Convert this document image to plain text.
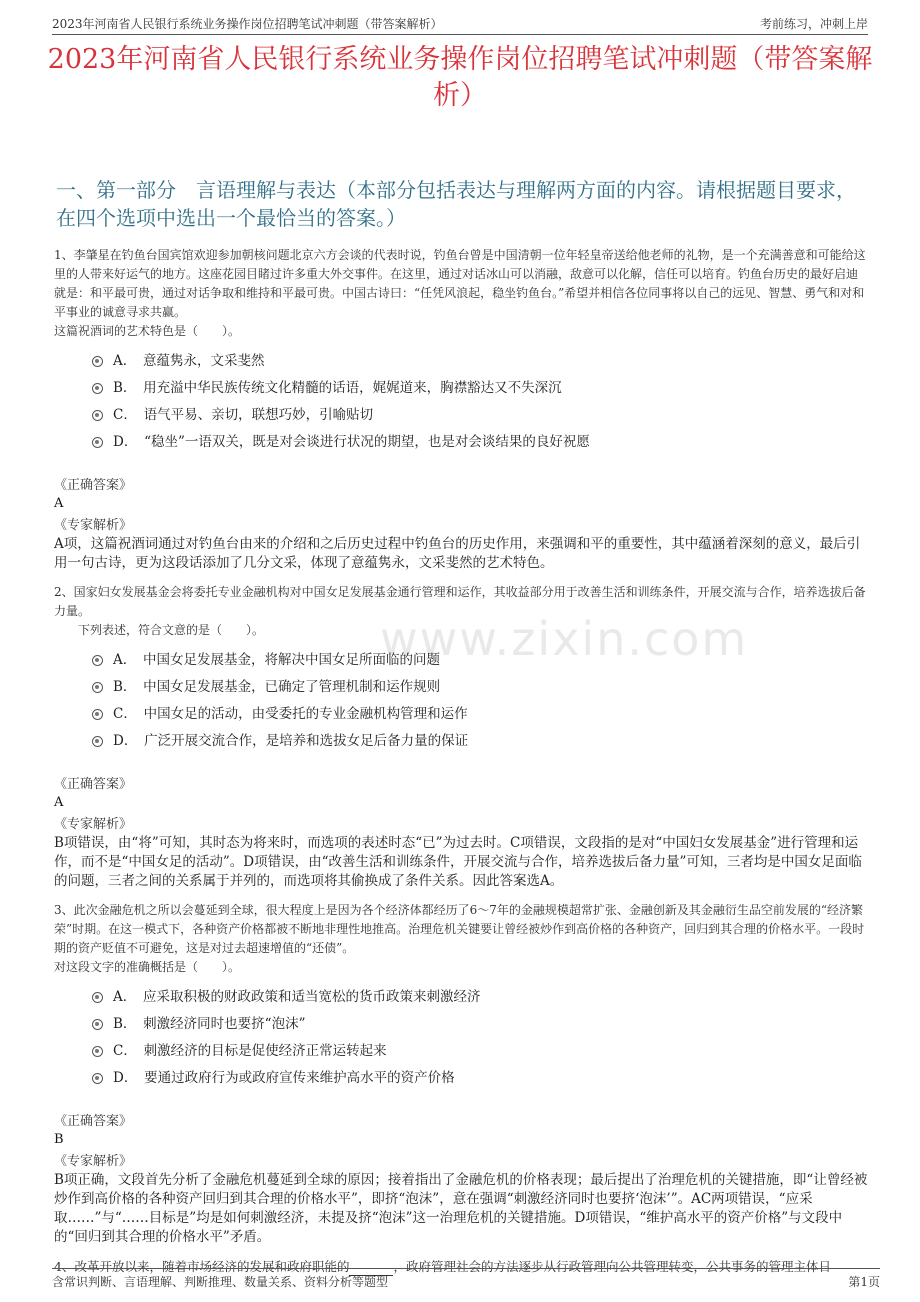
2023年河南省人民银行系统业务操作岗位招聘笔试冲刺题（带答案解析）	考前练习，冲刺上岸
2023年河南省人民银行系统业务操作岗位招聘笔试冲刺题（带答案解析）
一、第一部分　言语理解与表达（本部分包括表达与理解两方面的内容。请根据题目要求，在四个选项中选出一个最恰当的答案。）
www.zixin.com
1、李肇星在钓鱼台国宾馆欢迎参加朝核问题北京六方会谈的代表时说，钓鱼台曾是中国清朝一位年轻皇帝送给他老师的礼物，是一个充满善意和可能给这里的人带来好运气的地方。这座花园目睹过许多重大外交事件。在这里，通过对话冰山可以消融，敌意可以化解，信任可以培育。钓鱼台历史的最好启迪就是：和平最可贵，通过对话争取和维持和平最可贵。中国古诗曰：“任凭风浪起，稳坐钓鱼台。”希望并相信各位同事将以自己的远见、智慧、勇气和对和平事业的诚意寻求共赢。
这篇祝酒词的艺术特色是（　　）。
A．　意蕴隽永，文采斐然
B．　用充溢中华民族传统文化精髓的话语，娓娓道来，胸襟豁达又不失深沉
C．　语气平易、亲切，联想巧妙，引喻贴切
D．　“稳坐”一语双关，既是对会谈进行状况的期望，也是对会谈结果的良好祝愿
《正确答案》
A
《专家解析》
A项，这篇祝酒词通过对钓鱼台由来的介绍和之后历史过程中钓鱼台的历史作用，来强调和平的重要性，其中蕴涵着深刻的意义，最后引用一句古诗，更为这段话添加了几分文采，体现了意蕴隽永，文采斐然的艺术特色。
2、国家妇女发展基金会将委托专业金融机构对中国女足发展基金通行管理和运作，其收益部分用于改善生活和训练条件，开展交流与合作，培养选拔后备力量。
下列表述，符合文意的是（　　）。
A．　中国女足发展基金，将解决中国女足所面临的问题
B．　中国女足发展基金，已确定了管理机制和运作规则
C．　中国女足的活动，由受委托的专业金融机构管理和运作
D．　广泛开展交流合作，是培养和选拔女足后备力量的保证
《正确答案》
A
《专家解析》
B项错误，由“将”可知，其时态为将来时，而选项的表述时态“已”为过去时。C项错误，文段指的是对“中国妇女发展基金”进行管理和运作，而不是“中国女足的活动”。D项错误，由“改善生活和训练条件，开展交流与合作，培养选拔后备力量”可知，三者均是中国女足面临的问题，三者之间的关系属于并列的，而选项将其偷换成了条件关系。因此答案选A。
3、此次金融危机之所以会蔓延到全球，很大程度上是因为各个经济体都经历了6～7年的金融规模超常扩张、金融创新及其金融衍生品空前发展的“经济繁荣”时期。在这一模式下，各种资产价格都被不断地非理性地推高。治理危机关键要让曾经被炒作到高价格的各种资产，回归到其合理的价格水平。一段时期的资产贬值不可避免，这是对过去超速增值的“还债”。
对这段文字的准确概括是（　　）。
A．　应采取积极的财政政策和适当宽松的货币政策来刺激经济
B．　刺激经济同时也要挤“泡沫”
C．　刺激经济的目标是促使经济正常运转起来
D．　要通过政府行为或政府宣传来维护高水平的资产价格
《正确答案》
B
《专家解析》
B项正确，文段首先分析了金融危机蔓延到全球的原因；接着指出了金融危机的价格表现；最后提出了治理危机的关键措施，即“让曾经被炒作到高价格的各种资产回归到其合理的价格水平”，即挤“泡沫”，意在强调“刺激经济同时也要挤‘泡沫’”。AC两项错误，“应采取……”与“……目标是”均是如何刺激经济，未提及挤“泡沫”这一治理危机的关键措施。D项错误，“维护高水平的资产价格”与文段中的“回归到其合理的价格水平”矛盾。
4、改革开放以来，随着市场经济的发展和政府职能的	，政府管理社会的方法逐步从行政管理向公共管理转变，公共事务的管理主体日
含常识判断、言语理解、判断推理、数量关系、资料分析等题型	第1页
